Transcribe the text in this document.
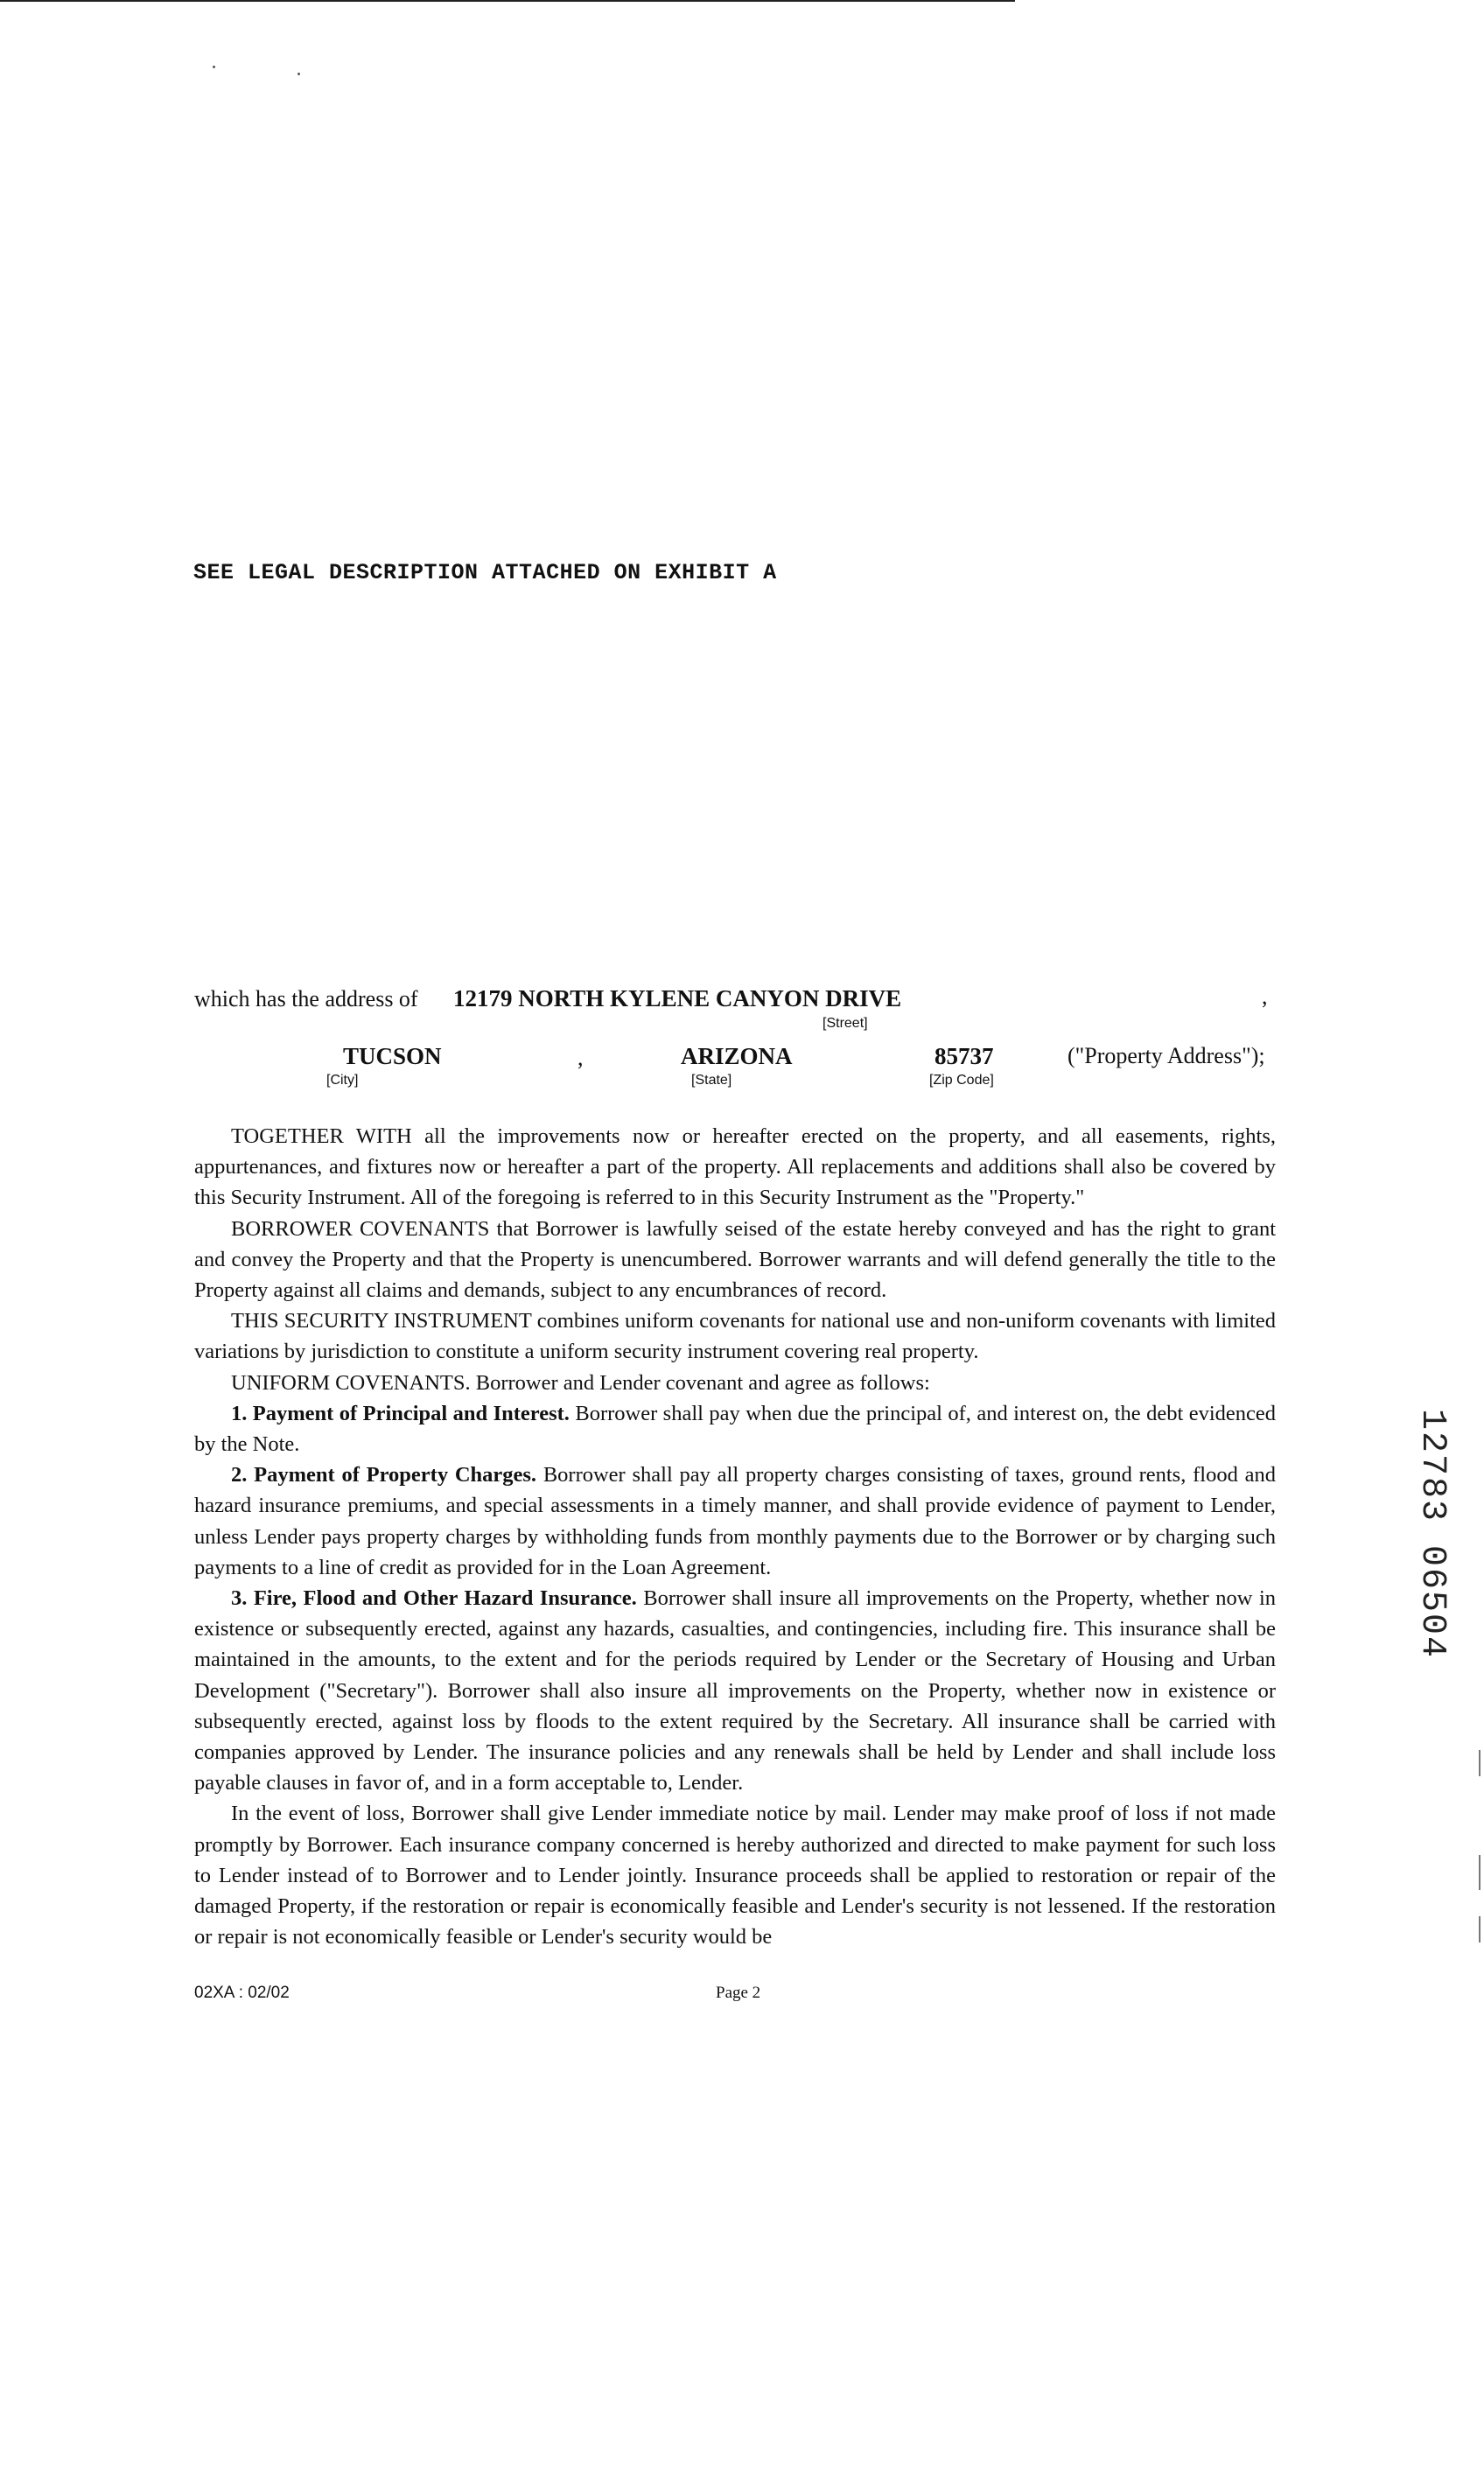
SEE LEGAL DESCRIPTION ATTACHED ON EXHIBIT A
which has the address of 12179 NORTH KYLENE CANYON DRIVE	,
[Street]
TUCSON
[City]
,	ARIZONA
[State]
85737
[Zip Code]
("Property Address");

TOGETHER WITH all the improvements now or hereafter erected on the property, and all easements, rights, appurtenances, and fixtures now or hereafter a part of the property. All replacements and additions shall also be covered by this Security Instrument. All of the foregoing is referred to in this Security Instrument as the "Property."

BORROWER COVENANTS that Borrower is lawfully seised of the estate hereby conveyed and has the right to grant and convey the Property and that the Property is unencumbered. Borrower warrants and will defend generally the title to the Property against all claims and demands, subject to any encumbrances of record.

THIS SECURITY INSTRUMENT combines uniform covenants for national use and non-uniform covenants with limited variations by jurisdiction to constitute a uniform security instrument covering real property.

UNIFORM COVENANTS. Borrower and Lender covenant and agree as follows:

1. Payment of Principal and Interest. Borrower shall pay when due the principal of, and interest on, the debt evidenced by the Note.

2. Payment of Property Charges. Borrower shall pay all property charges consisting of taxes, ground rents, flood and hazard insurance premiums, and special assessments in a timely manner, and shall provide evidence of payment to Lender, unless Lender pays property charges by withholding funds from monthly payments due to the Borrower or by charging such payments to a line of credit as provided for in the Loan Agreement.

3. Fire, Flood and Other Hazard Insurance. Borrower shall insure all improvements on the Property, whether now in existence or subsequently erected, against any hazards, casualties, and contingencies, including fire. This insurance shall be maintained in the amounts, to the extent and for the periods required by Lender or the Secretary of Housing and Urban Development ("Secretary"). Borrower shall also insure all improvements on the Property, whether now in existence or subsequently erected, against loss by floods to the extent required by the Secretary. All insurance shall be carried with companies approved by Lender. The insurance policies and any renewals shall be held by Lender and shall include loss payable clauses in favor of, and in a form acceptable to, Lender.

In the event of loss, Borrower shall give Lender immediate notice by mail. Lender may make proof of loss if not made promptly by Borrower. Each insurance company concerned is hereby authorized and directed to make payment for such loss to Lender instead of to Borrower and to Lender jointly. Insurance proceeds shall be applied to restoration or repair of the damaged Property, if the restoration or repair is economically feasible and Lender's security is not lessened. If the restoration or repair is not economically feasible or Lender's security would be

02XA : 02/02	Page 2
12783 06504
